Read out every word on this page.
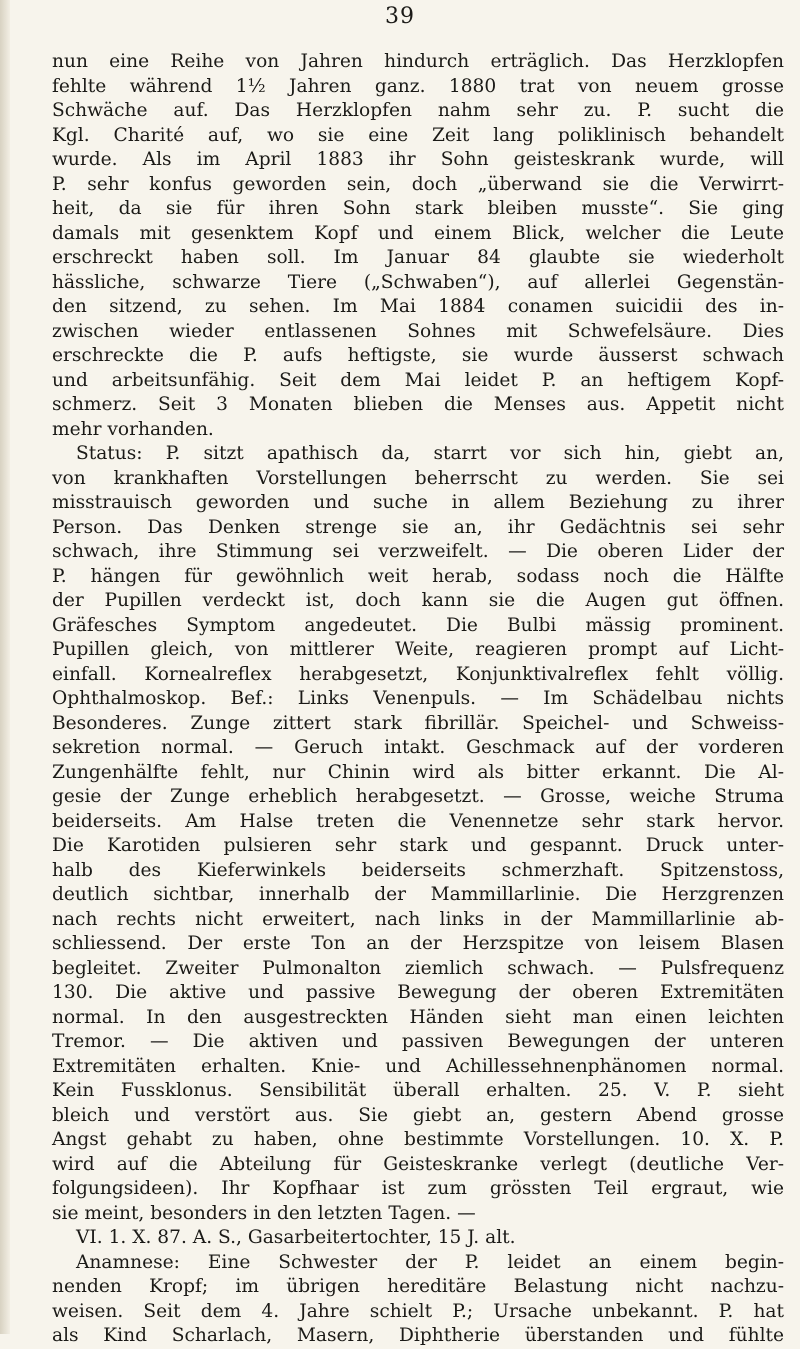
39
nun eine Reihe von Jahren hindurch erträglich. Das Herzklopfen
fehlte während 1½ Jahren ganz. 1880 trat von neuem grosse
Schwäche auf. Das Herzklopfen nahm sehr zu. P. sucht die
Kgl. Charité auf, wo sie eine Zeit lang poliklinisch behandelt
wurde. Als im April 1883 ihr Sohn geisteskrank wurde, will
P. sehr konfus geworden sein, doch „überwand sie die Verwirrt-
heit, da sie für ihren Sohn stark bleiben musste“. Sie ging
damals mit gesenktem Kopf und einem Blick, welcher die Leute
erschreckt haben soll. Im Januar 84 glaubte sie wiederholt
hässliche, schwarze Tiere („Schwaben“), auf allerlei Gegenstän-
den sitzend, zu sehen. Im Mai 1884 conamen suicidii des in-
zwischen wieder entlassenen Sohnes mit Schwefelsäure. Dies
erschreckte die P. aufs heftigste, sie wurde äusserst schwach
und arbeitsunfähig. Seit dem Mai leidet P. an heftigem Kopf-
schmerz. Seit 3 Monaten blieben die Menses aus. Appetit nicht
mehr vorhanden.
Status: P. sitzt apathisch da, starrt vor sich hin, giebt an,
von krankhaften Vorstellungen beherrscht zu werden. Sie sei
misstrauisch geworden und suche in allem Beziehung zu ihrer
Person. Das Denken strenge sie an, ihr Gedächtnis sei sehr
schwach, ihre Stimmung sei verzweifelt. — Die oberen Lider der
P. hängen für gewöhnlich weit herab, sodass noch die Hälfte
der Pupillen verdeckt ist, doch kann sie die Augen gut öffnen.
Gräfesches Symptom angedeutet. Die Bulbi mässig prominent.
Pupillen gleich, von mittlerer Weite, reagieren prompt auf Licht-
einfall. Kornealreflex herabgesetzt, Konjunktivalreflex fehlt völlig.
Ophthalmoskop. Bef.: Links Venenpuls. — Im Schädelbau nichts
Besonderes. Zunge zittert stark fibrillär. Speichel- und Schweiss-
sekretion normal. — Geruch intakt. Geschmack auf der vorderen
Zungenhälfte fehlt, nur Chinin wird als bitter erkannt. Die Al-
gesie der Zunge erheblich herabgesetzt. — Grosse, weiche Struma
beiderseits. Am Halse treten die Venennetze sehr stark hervor.
Die Karotiden pulsieren sehr stark und gespannt. Druck unter-
halb des Kieferwinkels beiderseits schmerzhaft. Spitzenstoss,
deutlich sichtbar, innerhalb der Mammillarlinie. Die Herzgrenzen
nach rechts nicht erweitert, nach links in der Mammillarlinie ab-
schliessend. Der erste Ton an der Herzspitze von leisem Blasen
begleitet. Zweiter Pulmonalton ziemlich schwach. — Pulsfrequenz
130. Die aktive und passive Bewegung der oberen Extremitäten
normal. In den ausgestreckten Händen sieht man einen leichten
Tremor. — Die aktiven und passiven Bewegungen der unteren
Extremitäten erhalten. Knie- und Achillessehnenphänomen normal.
Kein Fussklonus. Sensibilität überall erhalten. 25. V. P. sieht
bleich und verstört aus. Sie giebt an, gestern Abend grosse
Angst gehabt zu haben, ohne bestimmte Vorstellungen. 10. X. P.
wird auf die Abteilung für Geisteskranke verlegt (deutliche Ver-
folgungsideen). Ihr Kopfhaar ist zum grössten Teil ergraut, wie
sie meint, besonders in den letzten Tagen. —
VI. 1. X. 87. A. S., Gasarbeitertochter, 15 J. alt.
Anamnese: Eine Schwester der P. leidet an einem begin-
nenden Kropf; im übrigen hereditäre Belastung nicht nachzu-
weisen. Seit dem 4. Jahre schielt P.; Ursache unbekannt. P. hat
als Kind Scharlach, Masern, Diphtherie überstanden und fühlte
